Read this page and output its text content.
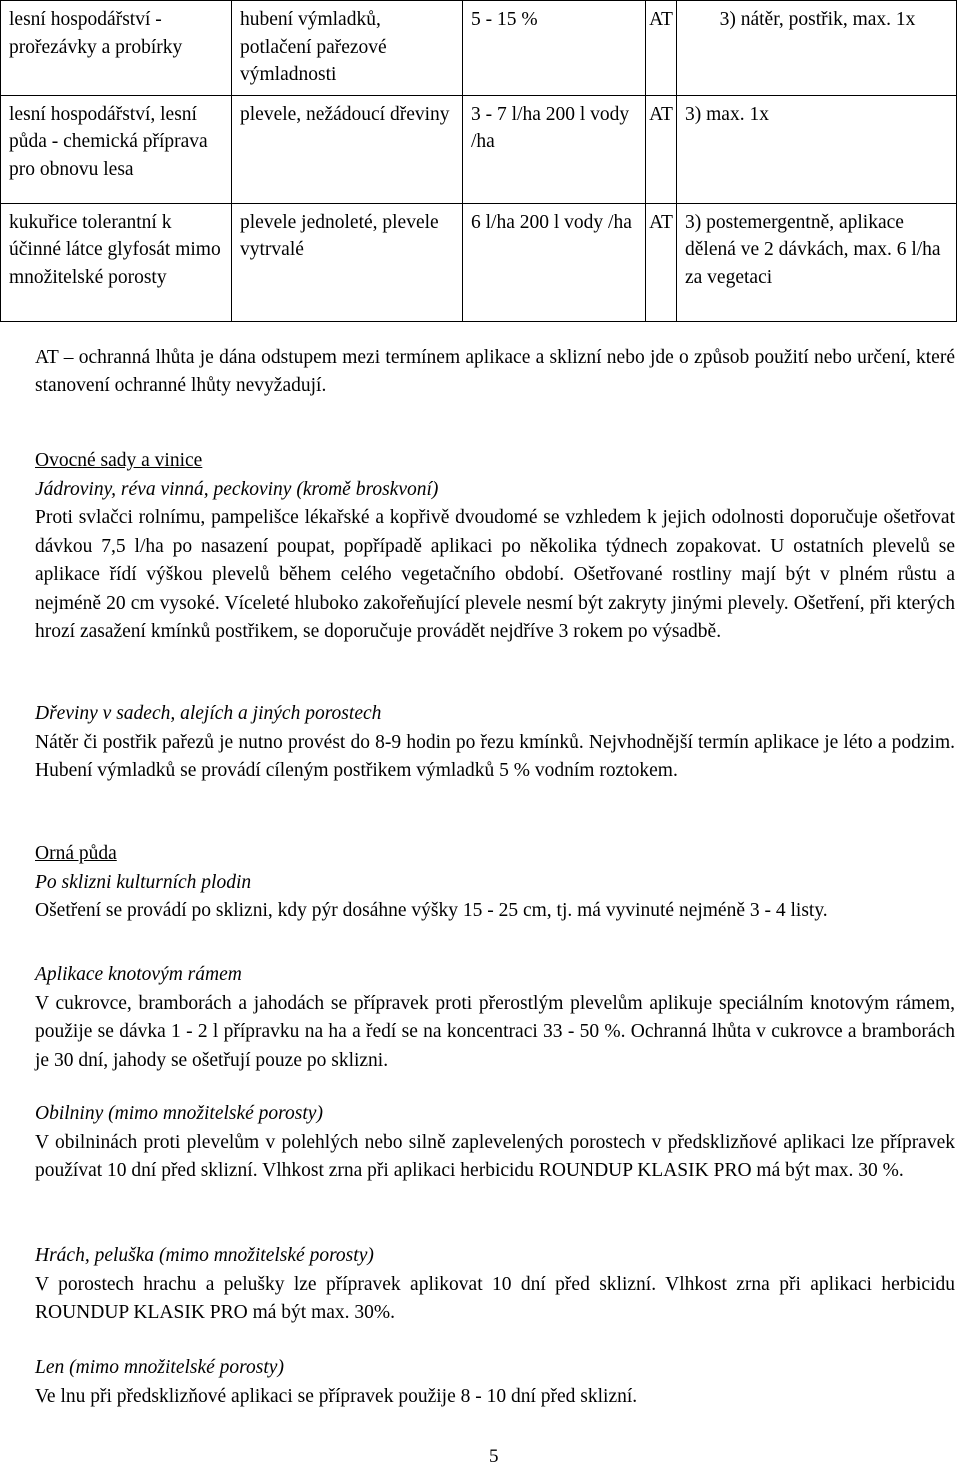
lesní hospodářství - prořezávky a probírky	hubení výmladků, potlačení pařezové výmladnosti	5 - 15 %	AT	3) nátěr, postřik, max. 1x
lesní hospodářství, lesní půda - chemická příprava pro obnovu lesa	plevele, nežádoucí dřeviny	3 - 7 l/ha 200 l vody /ha	AT	3) max. 1x
kukuřice tolerantní k účinné látce glyfosát mimo množitelské porosty	plevele jednoleté, plevele vytrvalé	6 l/ha 200 l vody /ha	AT	3) postemergentně, aplikace dělená ve 2 dávkách, max. 6 l/ha za vegetaci
AT – ochranná lhůta je dána odstupem mezi termínem aplikace a sklizní nebo jde o způsob použití nebo určení, které stanovení ochranné lhůty nevyžadují.
Ovocné sady a vinice
Jádroviny, réva vinná, peckoviny (kromě broskvoní)
Proti svlačci rolnímu, pampelišce lékařské a kopřivě dvoudomé se vzhledem k jejich odolnosti doporučuje ošetřovat dávkou 7,5 l/ha po nasazení poupat, popřípadě aplikaci po několika týdnech zopakovat. U ostatních plevelů se aplikace řídí výškou plevelů během celého vegetačního období. Ošetřované rostliny mají být v plném růstu a nejméně 20 cm vysoké. Víceleté hluboko zakořeňující plevele nesmí být zakryty jinými plevely. Ošetření, při kterých hrozí zasažení kmínků postřikem, se doporučuje provádět nejdříve 3 rokem po výsadbě.
Dřeviny v sadech, alejích a jiných porostech
Nátěr či postřik pařezů je nutno provést do 8-9 hodin po řezu kmínků. Nejvhodnější termín aplikace je léto a podzim. Hubení výmladků se provádí cíleným postřikem výmladků 5 % vodním roztokem.
Orná půda
Po sklizni kulturních plodin
Ošetření se provádí po sklizni, kdy pýr dosáhne výšky 15 - 25 cm, tj. má vyvinuté nejméně 3 - 4 listy.
Aplikace knotovým rámem
V cukrovce, bramborách a jahodách se přípravek proti přerostlým plevelům aplikuje speciálním knotovým rámem, použije se dávka 1 - 2 l přípravku na ha a ředí se na koncentraci 33 - 50 %. Ochranná lhůta v cukrovce a bramborách je 30 dní, jahody se ošetřují pouze po sklizni.
Obilniny (mimo množitelské porosty)
V obilninách proti plevelům v polehlých nebo silně zaplevelených porostech v předsklizňové aplikaci lze přípravek používat 10 dní před sklizní. Vlhkost zrna při aplikaci herbicidu ROUNDUP KLASIK PRO má být max. 30 %.
Hrách, peluška (mimo množitelské porosty)
V porostech hrachu a pelušky lze přípravek aplikovat 10 dní před sklizní. Vlhkost zrna při aplikaci herbicidu ROUNDUP KLASIK PRO má být max. 30%.
Len (mimo množitelské porosty)
Ve lnu při předsklizňové aplikaci se přípravek použije 8 - 10 dní před sklizní.
5
